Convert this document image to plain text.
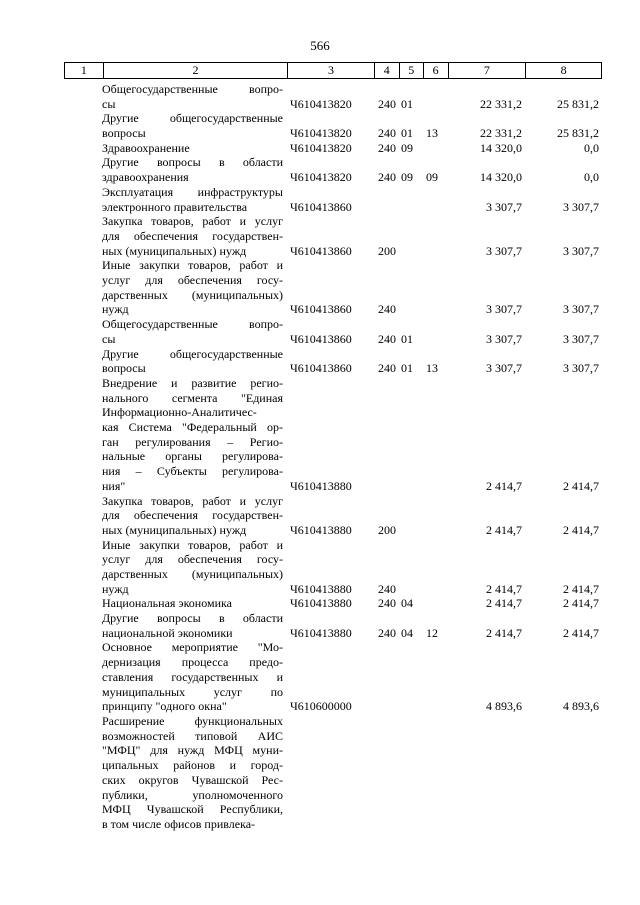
566
1	2	3	4	5	6	7	8
Общегосударственные вопро-
сы	Ч610413820 240 01	22 331,2	25 831,2
Другие общегосударственные
вопросы	Ч610413820 240 01 13	22 331,2	25 831,2
Здравоохранение	Ч610413820 240 09	14 320,0	0,0
Другие вопросы в области
здравоохранения	Ч610413820 240 09 09	14 320,0	0,0
Эксплуатация инфраструктуры
электронного правительства	Ч610413860	3 307,7	3 307,7
Закупка товаров, работ и услуг
для обеспечения государствен-
ных (муниципальных) нужд	Ч610413860 200	3 307,7	3 307,7
Иные закупки товаров, работ и
услуг для обеспечения госу-
дарственных (муниципальных)
нужд	Ч610413860 240	3 307,7	3 307,7
Общегосударственные вопро-
сы	Ч610413860 240 01	3 307,7	3 307,7
Другие общегосударственные
вопросы	Ч610413860 240 01 13	3 307,7	3 307,7
Внедрение и развитие регио-
нального сегмента "Единая
Информационно-Аналитичес-
кая Система "Федеральный ор-
ган регулирования – Регио-
нальные органы регулирова-
ния – Субъекты регулирова-
ния"	Ч610413880	2 414,7	2 414,7
Закупка товаров, работ и услуг
для обеспечения государствен-
ных (муниципальных) нужд	Ч610413880 200	2 414,7	2 414,7
Иные закупки товаров, работ и
услуг для обеспечения госу-
дарственных (муниципальных)
нужд	Ч610413880 240	2 414,7	2 414,7
Национальная экономика	Ч610413880 240 04	2 414,7	2 414,7
Другие вопросы в области
национальной экономики	Ч610413880 240 04 12	2 414,7	2 414,7
Основное мероприятие "Мо-
дернизация процесса предо-
ставления государственных и
муниципальных услуг по
принципу "одного окна"	Ч610600000	4 893,6	4 893,6
Расширение функциональных
возможностей типовой АИС
"МФЦ" для нужд МФЦ муни-
ципальных районов и город-
ских округов Чувашской Рес-
публики, уполномоченного
МФЦ Чувашской Республики,
в том числе офисов привлека-
